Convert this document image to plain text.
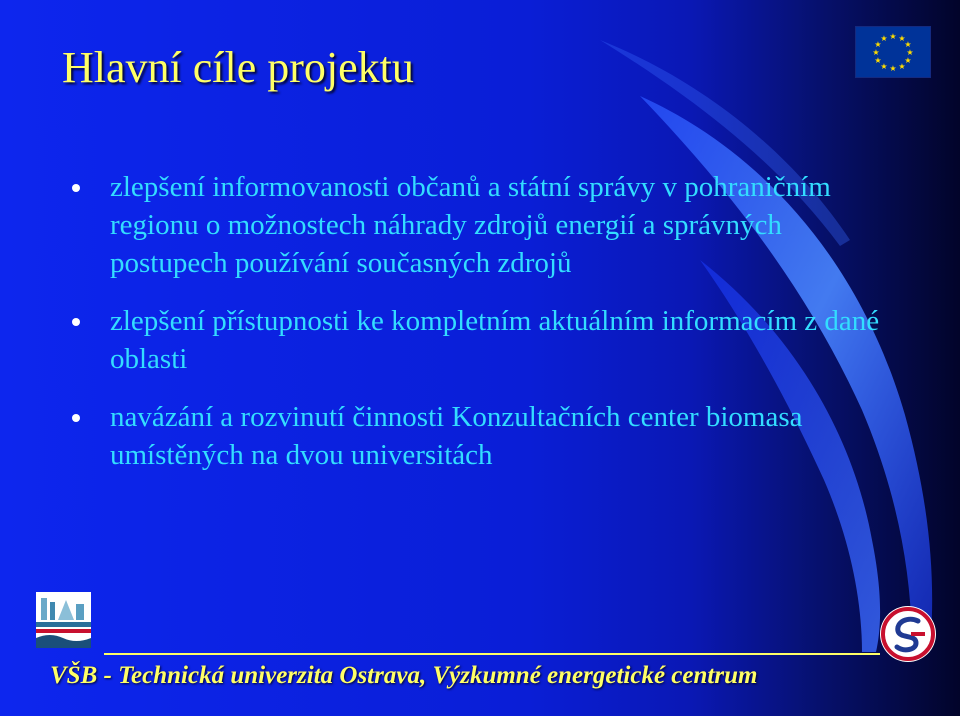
Hlavní cíle projektu
★ ★
★
★
★
★
★
★
★
★
★
★
zlepšení informovanosti občanů a státní správy v pohraničním regionu o možnostech náhrady zdrojů energií a správných postupech používání současných zdrojů
zlepšení přístupnosti ke kompletním aktuálním informacím z dané oblasti
navázání a rozvinutí činnosti Konzultačních center biomasa umístěných na dvou universitách
VŠB - Technická univerzita Ostrava, Výzkumné energetické centrum
